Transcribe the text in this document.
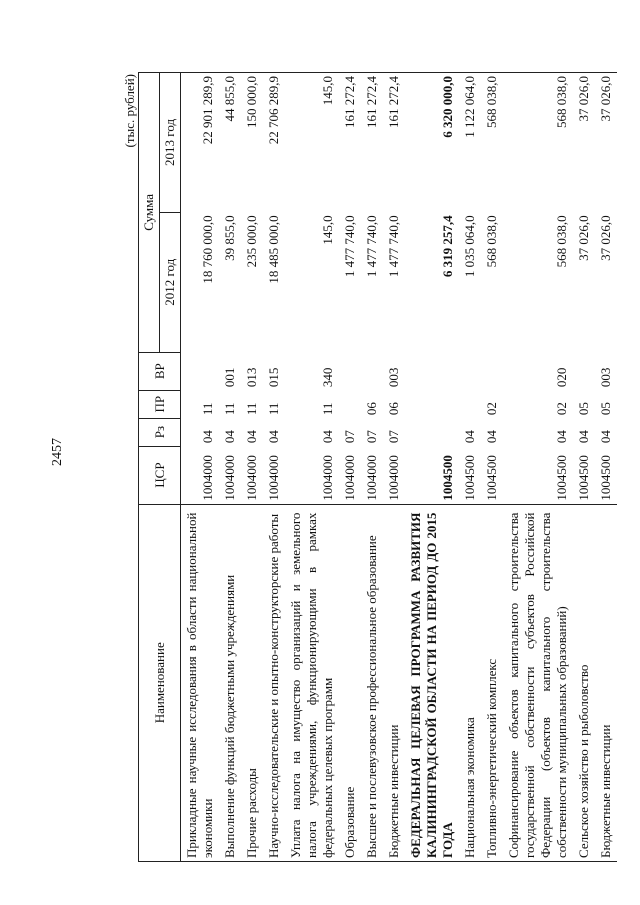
2457
(тыс. рублей)
Наименование	ЦСР	Рз	ПР	ВР	Сумма	
					2012 год	2013 год
Прикладные научные исследования в области национальной экономики	1004000	04	11		18 760 000,0	22 901 289,9
Выполнение функций бюджетными учреждениями	1004000	04	11	001	39 855,0	44 855,0
Прочие расходы	1004000	04	11	013	235 000,0	150 000,0
Научно-исследовательские и опытно-конструкторские работы	1004000	04	11	015	18 485 000,0	22 706 289,9
Уплата налога на имущество организаций и земельного налога учреждениями, функционирующими в рамках федеральных целевых программ	1004000	04	11	340	145,0	145,0
Образование	1004000	07			1 477 740,0	161 272,4
Высшее и послевузовское профессиональное образование	1004000	07	06		1 477 740,0	161 272,4
Бюджетные инвестиции	1004000	07	06	003	1 477 740,0	161 272,4
ФЕДЕРАЛЬНАЯ ЦЕЛЕВАЯ ПРОГРАММА РАЗВИТИЯ КАЛИНИНГРАДСКОЙ ОБЛАСТИ НА ПЕРИОД ДО 2015 ГОДА	1004500				6 319 257,4	6 320 000,0
Национальная экономика	1004500	04			1 035 064,0	1 122 064,0
Топливно-энергетический комплекс	1004500	04	02		568 038,0	568 038,0
Софинансирование объектов капитального строительства государственной собственности субъектов Российской Федерации (объектов капитального строительства собственности муниципальных образований)	1004500	04	02	020	568 038,0	568 038,0
Сельское хозяйство и рыболовство	1004500	04	05		37 026,0	37 026,0
Бюджетные инвестиции	1004500	04	05	003	37 026,0	37 026,0
